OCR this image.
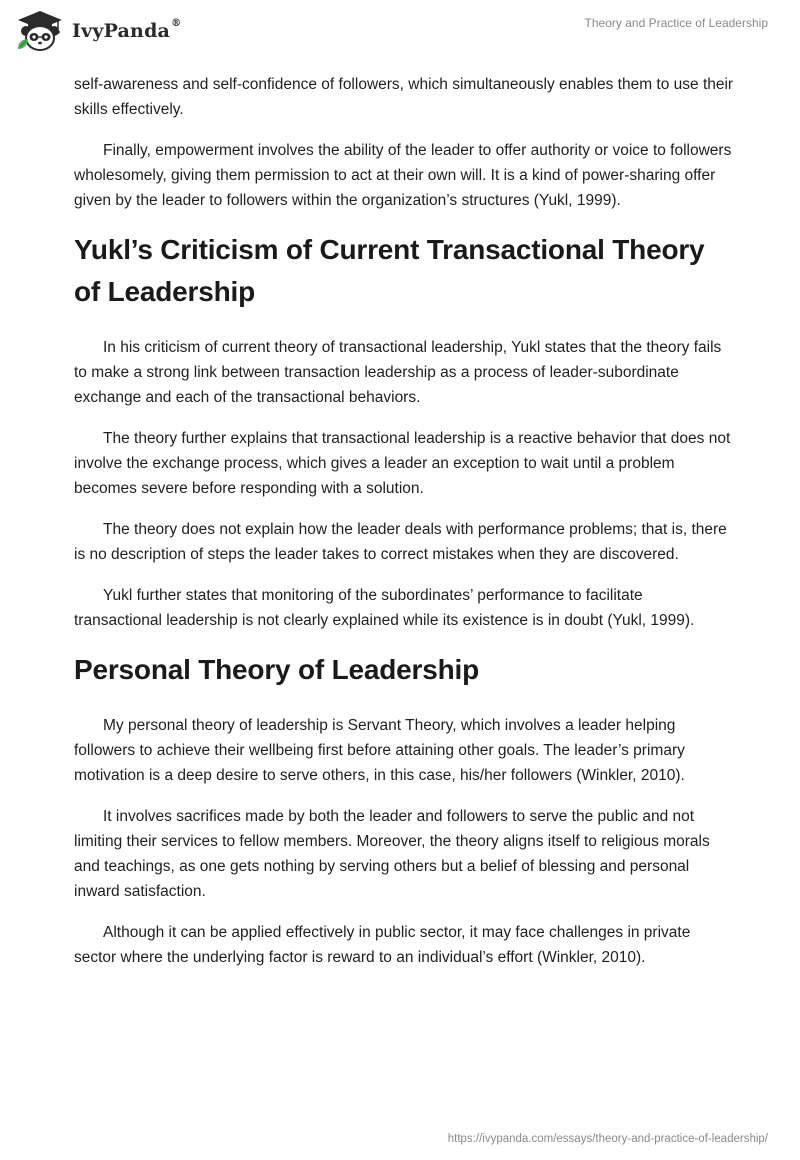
IvyPanda®	Theory and Practice of Leadership

self-awareness and self-confidence of followers, which simultaneously enables them to use their skills effectively.

Finally, empowerment involves the ability of the leader to offer authority or voice to followers wholesomely, giving them permission to act at their own will. It is a kind of power-sharing offer given by the leader to followers within the organization’s structures (Yukl, 1999).

Yukl’s Criticism of Current Transactional Theory of Leadership

In his criticism of current theory of transactional leadership, Yukl states that the theory fails to make a strong link between transaction leadership as a process of leader-subordinate exchange and each of the transactional behaviors.

The theory further explains that transactional leadership is a reactive behavior that does not involve the exchange process, which gives a leader an exception to wait until a problem becomes severe before responding with a solution.

The theory does not explain how the leader deals with performance problems; that is, there is no description of steps the leader takes to correct mistakes when they are discovered.

Yukl further states that monitoring of the subordinates’ performance to facilitate transactional leadership is not clearly explained while its existence is in doubt (Yukl, 1999).

Personal Theory of Leadership

My personal theory of leadership is Servant Theory, which involves a leader helping followers to achieve their wellbeing first before attaining other goals. The leader’s primary motivation is a deep desire to serve others, in this case, his/her followers (Winkler, 2010).

It involves sacrifices made by both the leader and followers to serve the public and not limiting their services to fellow members. Moreover, the theory aligns itself to religious morals and teachings, as one gets nothing by serving others but a belief of blessing and personal inward satisfaction.

Although it can be applied effectively in public sector, it may face challenges in private sector where the underlying factor is reward to an individual’s effort (Winkler, 2010).

https://ivypanda.com/essays/theory-and-practice-of-leadership/
